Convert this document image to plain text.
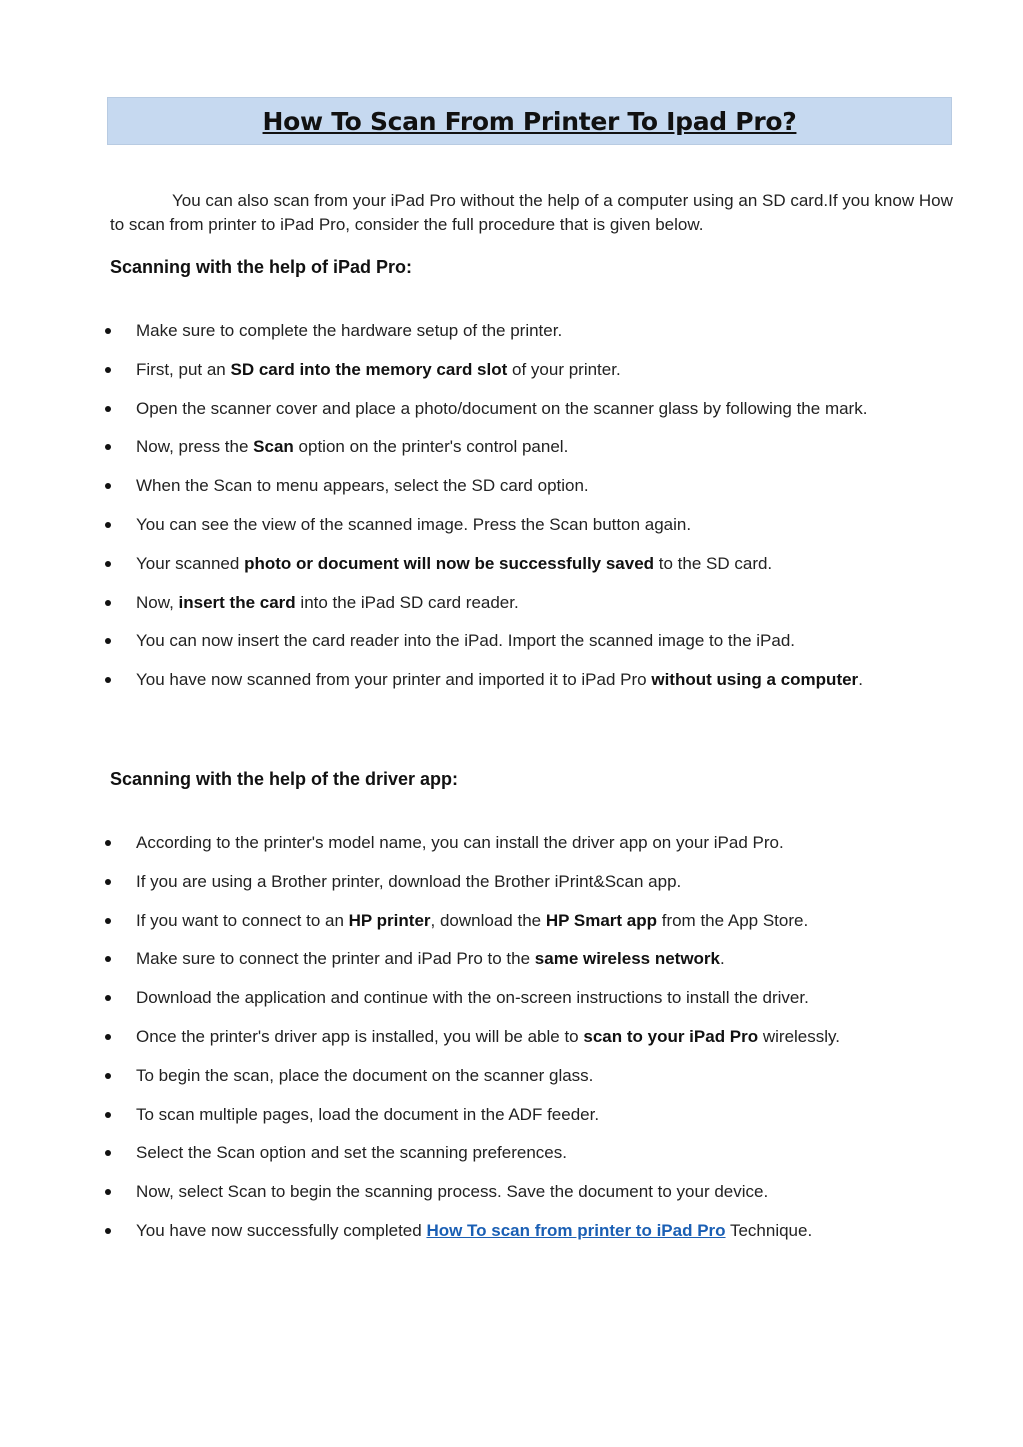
How To Scan From Printer To Ipad Pro?

You can also scan from your iPad Pro without the help of a computer using an SD card.If you know How to scan from printer to iPad Pro, consider the full procedure that is given below.

Scanning with the help of iPad Pro:
Make sure to complete the hardware setup of the printer.
First, put an SD card into the memory card slot of your printer.
Open the scanner cover and place a photo/document on the scanner glass by following the mark.
Now, press the Scan option on the printer's control panel.
When the Scan to menu appears, select the SD card option.
You can see the view of the scanned image. Press the Scan button again.
Your scanned photo or document will now be successfully saved to the SD card.
Now, insert the card into the iPad SD card reader.
You can now insert the card reader into the iPad. Import the scanned image to the iPad.
You have now scanned from your printer and imported it to iPad Pro without using a computer.
Scanning with the help of the driver app:
According to the printer's model name, you can install the driver app on your iPad Pro.
If you are using a Brother printer, download the Brother iPrint&Scan app.
If you want to connect to an HP printer, download the HP Smart app from the App Store.
Make sure to connect the printer and iPad Pro to the same wireless network.
Download the application and continue with the on-screen instructions to install the driver.
Once the printer's driver app is installed, you will be able to scan to your iPad Pro wirelessly.
To begin the scan, place the document on the scanner glass.
To scan multiple pages, load the document in the ADF feeder.
Select the Scan option and set the scanning preferences.
Now, select Scan to begin the scanning process. Save the document to your device.
You have now successfully completed How To scan from printer to iPad Pro Technique.
